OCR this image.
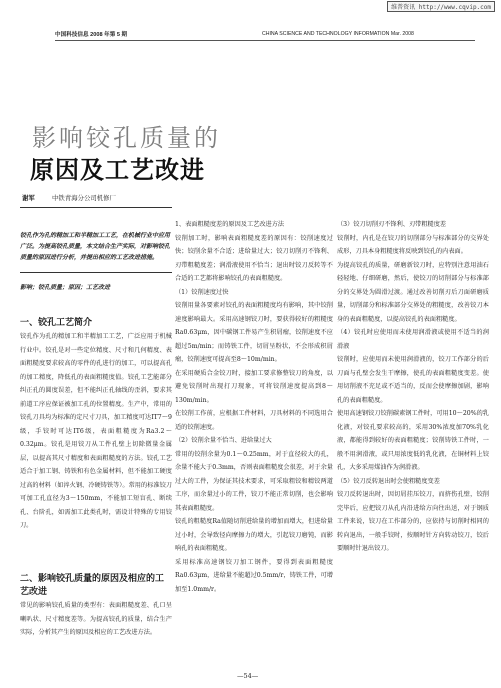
维普资讯 http://www.cqvip.com
中国科技信息 2008 年第 5 期	CHINA SCIENCE AND TECHNOLOGY INFORMATION Mar. 2008
影响铰孔质量的
原因及工艺改进
谢军	中铁青海分公司机修厂
铰孔作为孔的精加工和半精加工工艺，在机械行业中应用广泛。为提高铰孔质量，本文结合生产实际，对影响铰孔质量的原因进行分析，并提出相应的工艺改进措施。
影响；铰孔质量；原因；工艺改进
一、铰孔工艺简介
铰孔作为孔的精加工和半精加工工艺，广泛应用于机械行业中。铰孔是对一些定位精度、尺寸和几何精度、表面粗糙度要求较高的零件的孔进行的加工，可以提高孔的加工精度，降低孔的表面粗糙度值。铰孔工艺能部分纠正孔的圆度误差，但不能纠正孔轴线的歪斜，要求其前道工序应保证被加工孔的位置精度。生产中，常用的铰孔刀具均为标准的定尺寸刀具，加工精度可达IT7～9级，手铰时可达IT6级，表面粗糙度为Ra3.2～0.32μm。铰孔是用铰刀从工件孔壁上切除微量金属层，以提高其尺寸精度和表面粗糙度的方法。铰孔工艺适合于加工钢、铸铁和有色金属材料，但不能加工硬度过高的材料（如淬火钢、冷硬铸铁等）。常用的标准铰刀可加工孔直径为3～150mm，不能加工短盲孔、断续孔、台阶孔，如需加工此类孔时，需设计特殊的专用铰刀。
二、影响铰孔质量的原因及相应的工艺改进
常见的影响铰孔质量的类型有：表面粗糙度差、孔口呈喇叭状、尺寸精度差等。为提高铰孔的质量，结合生产实际，分析其产生的原因及相应的工艺改进方法。
1、表面粗糙度差的原因及工艺改进方法
铰削加工时，影响表面粗糙度差的原因有：铰削速度过快；铰削余量不合适；进给量过大；铰刀切削刃不锋利、刃带粗糙度差；润滑液使用不恰当；退出时铰刀反转等不合适的工艺都将影响铰孔的表面粗糙度。
（1）铰削速度过快
铰削用量各要素对铰孔的表面粗糙度均有影响，其中铰削速度影响最大。采用高速钢铰刀时，要获得较好的粗糙度Ra0.63μm，因中碳钢工件易产生积屑瘤，铰削速度不应超过5m/min；而铸铁工件，切屑呈粉状，不会形成积屑瘤，铰削速度可提高至8～10m/min。
在采用硬质合金铰刀时，接加工要求修整铰刀的角度，以避免铰削时出现打刀现象，可将铰削速度提高到8～130m/min。
在铰削工作前，应根据工件材料，刀具材料的不同选用合适的铰削速度。
（2）铰削余量不恰当、进给量过大
常用的铰削余量为0.1～0.25mm，对于直径较大的孔，余量不能大于0.3mm，否则表面粗糙度会很差，对于余量过大的工件，为保证其技术要求，可采取粗铰和精铰两道工序，而余量过小的工件，铰刀不能正常切削，也会影响其表面粗糙度。
铰孔的粗糙度Ra值随切削进给量的增加而增大，但进给量过小时，会导致径向摩擦力的增大，引起铰刀磨钝，而影响孔的表面粗糙度。
采用标准高速钢铰刀加工钢件，要得到表面粗糙度Ra0.63μm，进给量不能超过0.5mm/r，铸铁工件，可增加至1.0mm/r。
（3）铰刀切削刃不锋利、刃带粗糙度差
铰削时，内孔是在铰刀的切削部分与标准部分的交界处成形，刀具本身粗糙度将反映到铰孔的内表面。
为提高铰孔的质量，研磨新铰刀时，应特别注意用油石轻轻地、仔细研磨，然后，使铰刀的切削部分与标准部分的交界处为圆滑过渡。通过改善切削刃后刀面研磨质量，切削部分和标准部分交界处的粗糙度，改善铰刀本身的表面粗糙度，以提高铰孔的表面粗糙度。
（4）铰孔时应使用而未使用润滑液或使用不适当的润滑液
铰削时，应使用而未使用润滑液的，铰刀工作部分的后刀面与孔壁会发生干摩擦，使孔的表面粗糙度变差。使用切削液不充足或不适当的，反而会使摩擦加剧，影响孔的表面粗糙度。
使用高速钢铰刀铰削碳素钢工件时，可用10～20%的乳化液，对铰孔要求较高的，采用30%浓度加70%乳化液，都能得到较好的表面粗糙度；铰削铸铁工件时，一般不用润滑液，或只用浓度低的乳化液，在铜材料上铰孔，大多采用煤油作为润滑液。
（5）铰刀反转退出时会使粗糙度变差
铰刀反转退出时，因切屑挂压铰刀，而挤伤孔壁，铰削完毕后，应把铰刀从孔内沿进给方向往出送，对于钢质工件来说，铰刀在工作部分的，应依持与切削时相同的转向退出，一般手铰时，按顺时针方向转动铰刀，铰后要顺时针退出铰刀。
—54—
